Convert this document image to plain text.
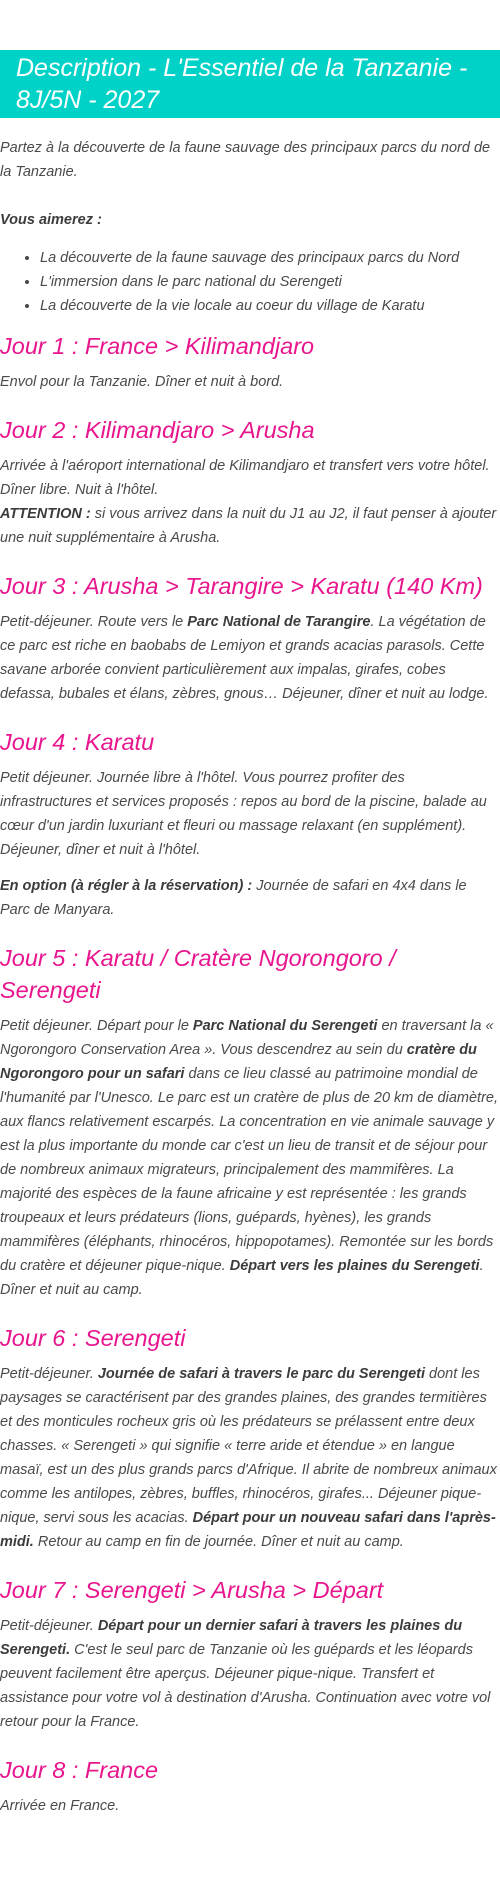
Description - L'Essentiel de la Tanzanie - 8J/5N - 2027

Partez à la découverte de la faune sauvage des principaux parcs du nord de la Tanzanie.

Vous aimerez :

• La découverte de la faune sauvage des principaux parcs du Nord
• L'immersion dans le parc national du Serengeti
• La découverte de la vie locale au coeur du village de Karatu
Jour 1 : France > Kilimandjaro

Envol pour la Tanzanie. Dîner et nuit à bord.

Jour 2 : Kilimandjaro > Arusha

Arrivée à l'aéroport international de Kilimandjaro et transfert vers votre hôtel. Dîner libre. Nuit à l'hôtel.
ATTENTION : si vous arrivez dans la nuit du J1 au J2, il faut penser à ajouter une nuit supplémentaire à Arusha.

Jour 3 : Arusha > Tarangire > Karatu (140 Km)

Petit-déjeuner. Route vers le Parc National de Tarangire. La végétation de ce parc est riche en baobabs de Lemiyon et grands acacias parasols. Cette savane arborée convient particulièrement aux impalas, girafes, cobes defassa, bubales et élans, zèbres, gnous… Déjeuner, dîner et nuit au lodge.

Jour 4 : Karatu

Petit déjeuner. Journée libre à l'hôtel. Vous pourrez profiter des infrastructures et services proposés : repos au bord de la piscine, balade au cœur d'un jardin luxuriant et fleuri ou massage relaxant (en supplément). Déjeuner, dîner et nuit à l'hôtel.

En option (à régler à la réservation) : Journée de safari en 4x4 dans le Parc de Manyara.

Jour 5 : Karatu / Cratère Ngorongoro / Serengeti

Petit déjeuner. Départ pour le Parc National du Serengeti en traversant la « Ngorongoro Conservation Area ». Vous descendrez au sein du cratère du Ngorongoro pour un safari dans ce lieu classé au patrimoine mondial de l'humanité par l'Unesco. Le parc est un cratère de plus de 20 km de diamètre, aux flancs relativement escarpés. La concentration en vie animale sauvage y est la plus importante du monde car c'est un lieu de transit et de séjour pour de nombreux animaux migrateurs, principalement des mammifères. La majorité des espèces de la faune africaine y est représentée : les grands troupeaux et leurs prédateurs (lions, guépards, hyènes), les grands mammifères (éléphants, rhinocéros, hippopotames). Remontée sur les bords du cratère et déjeuner pique-nique. Départ vers les plaines du Serengeti. Dîner et nuit au camp.

Jour 6 : Serengeti

Petit-déjeuner. Journée de safari à travers le parc du Serengeti dont les paysages se caractérisent par des grandes plaines, des grandes termitières et des monticules rocheux gris où les prédateurs se prélassent entre deux chasses. « Serengeti » qui signifie « terre aride et étendue » en langue masaï, est un des plus grands parcs d'Afrique. Il abrite de nombreux animaux comme les antilopes, zèbres, buffles, rhinocéros, girafes... Déjeuner pique-nique, servi sous les acacias. Départ pour un nouveau safari dans l'après-midi. Retour au camp en fin de journée. Dîner et nuit au camp.

Jour 7 : Serengeti > Arusha > Départ

Petit-déjeuner. Départ pour un dernier safari à travers les plaines du Serengeti. C'est le seul parc de Tanzanie où les guépards et les léopards peuvent facilement être aperçus. Déjeuner pique-nique. Transfert et assistance pour votre vol à destination d'Arusha. Continuation avec votre vol retour pour la France.

Jour 8 : France

Arrivée en France.
